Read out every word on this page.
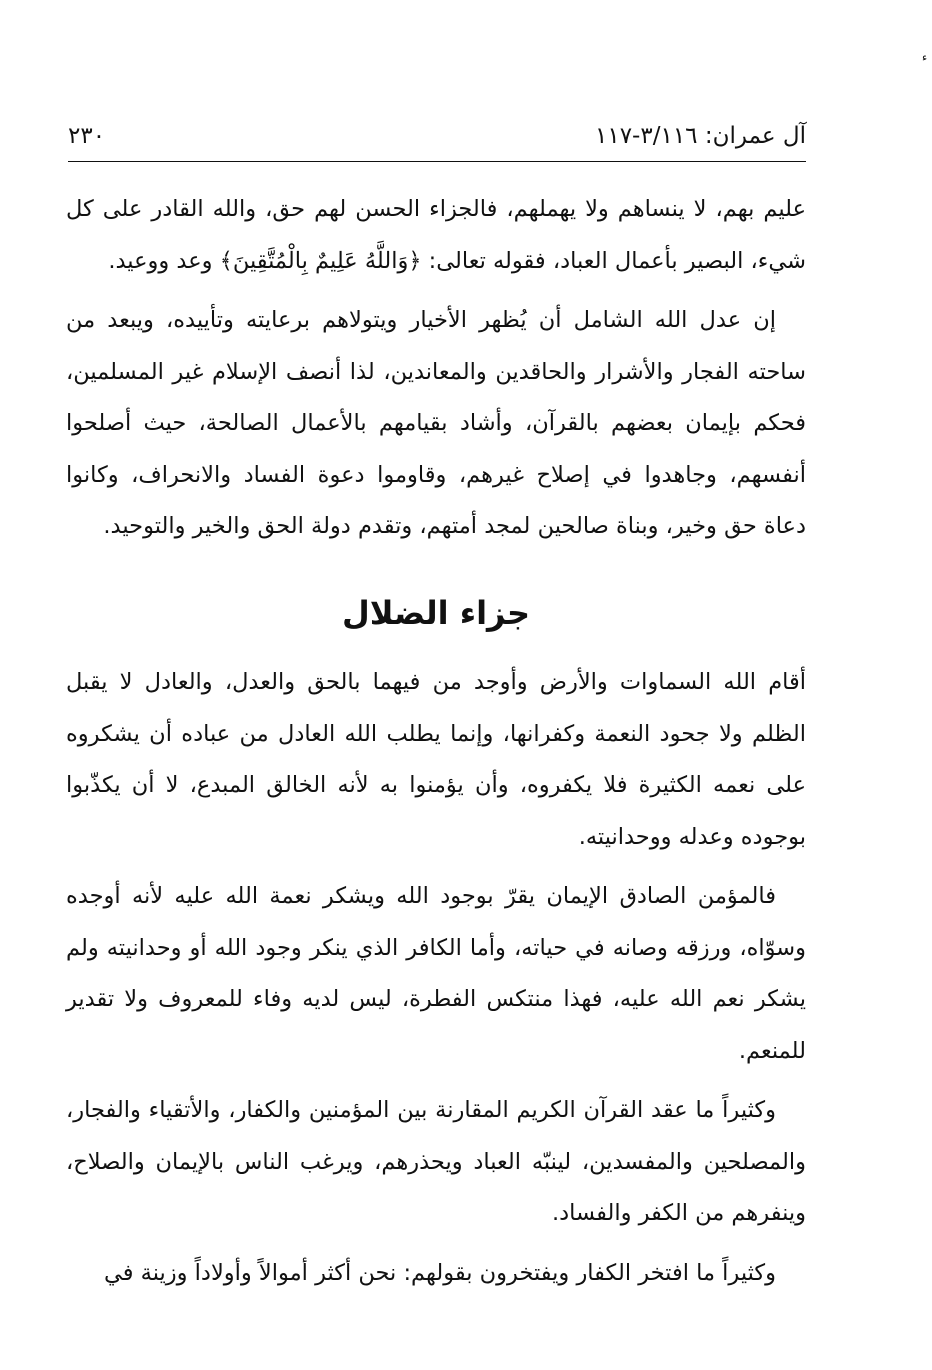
ء
آل عمران: ٣/١١٦-١١٧
٢٣٠

عليم بهم، لا ينساهم ولا يهملهم، فالجزاء الحسن لهم حق، والله القادر على كل شيء، البصير بأعمال العباد، فقوله تعالى: ﴿وَاللَّهُ عَلِيمٌ بِالْمُتَّقِينَ﴾ وعد ووعيد.

إن عدل الله الشامل أن يُظهر الأخيار ويتولاهم برعايته وتأييده، ويبعد من ساحته الفجار والأشرار والحاقدين والمعاندين، لذا أنصف الإسلام غير المسلمين، فحكم بإيمان بعضهم بالقرآن، وأشاد بقيامهم بالأعمال الصالحة، حيث أصلحوا أنفسهم، وجاهدوا في إصلاح غيرهم، وقاوموا دعوة الفساد والانحراف، وكانوا دعاة حق وخير، وبناة صالحين لمجد أمتهم، وتقدم دولة الحق والخير والتوحيد.

جزاء الضلال

أقام الله السماوات والأرض وأوجد من فيهما بالحق والعدل، والعادل لا يقبل الظلم ولا جحود النعمة وكفرانها، وإنما يطلب الله العادل من عباده أن يشكروه على نعمه الكثيرة فلا يكفروه، وأن يؤمنوا به لأنه الخالق المبدع، لا أن يكذّبوا بوجوده وعدله ووحدانيته.

فالمؤمن الصادق الإيمان يقرّ بوجود الله ويشكر نعمة الله عليه لأنه أوجده وسوّاه، ورزقه وصانه في حياته، وأما الكافر الذي ينكر وجود الله أو وحدانيته ولم يشكر نعم الله عليه، فهذا منتكس الفطرة، ليس لديه وفاء للمعروف ولا تقدير للمنعم.

وكثيراً ما عقد القرآن الكريم المقارنة بين المؤمنين والكفار، والأتقياء والفجار، والمصلحين والمفسدين، لينبّه العباد ويحذرهم، ويرغب الناس بالإيمان والصلاح، وينفرهم من الكفر والفساد.

وكثيراً ما افتخر الكفار ويفتخرون بقولهم: نحن أكثر أموالاً وأولاداً وزينة في
